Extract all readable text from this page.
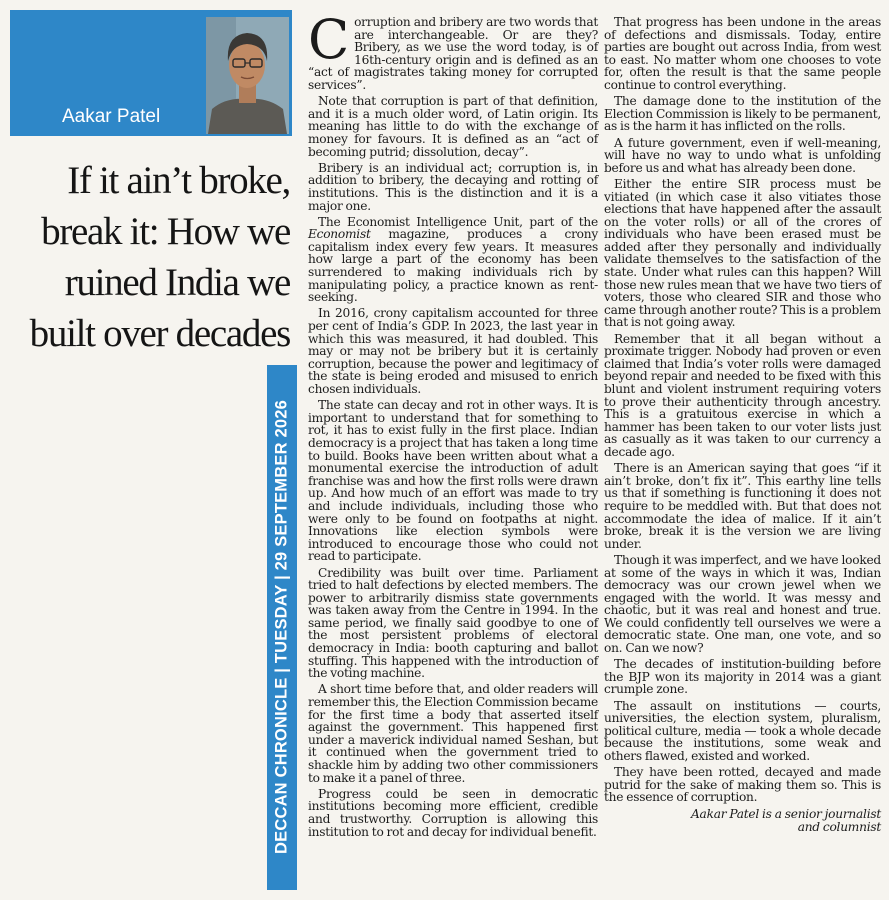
Aakar Patel
If it ain’t broke,
break it: How we
ruined India we
built over decades
DECCAN CHRONICLE | TUESDAY | 29 SEPTEMBER 2026

Corruption and bribery are two words that are interchangeable. Or are they? Bribery, as we use the word today, is of 16th-century origin and is defined as an “act of magistrates taking money for corrupted services”.

Note that corruption is part of that definition, and it is a much older word, of Latin origin. Its meaning has little to do with the exchange of money for favours. It is defined as an “act of becoming putrid; dissolution, decay”.

Bribery is an individual act; corruption is, in addition to bribery, the decaying and rotting of institutions. This is the distinction and it is a major one.

The Economist Intelligence Unit, part of the Economist magazine, produces a crony capitalism index every few years. It measures how large a part of the economy has been surrendered to making individuals rich by manipulating policy, a practice known as rent-seeking.

In 2016, crony capitalism accounted for three per cent of India’s GDP. In 2023, the last year in which this was measured, it had doubled. This may or may not be bribery but it is certainly corruption, because the power and legitimacy of the state is being eroded and misused to enrich chosen individuals.

The state can decay and rot in other ways. It is important to understand that for something to rot, it has to exist fully in the first place. Indian democracy is a project that has taken a long time to build. Books have been written about what a monumental exercise the introduction of adult franchise was and how the first rolls were drawn up. And how much of an effort was made to try and include individuals, including those who were only to be found on footpaths at night. Innovations like election symbols were introduced to encourage those who could not read to participate.

Credibility was built over time. Parliament tried to halt defections by elected members. The power to arbitrarily dismiss state governments was taken away from the Centre in 1994. In the same period, we finally said goodbye to one of the most persistent problems of electoral democracy in India: booth capturing and ballot stuffing. This happened with the introduction of the voting machine.

A short time before that, and older readers will remember this, the Election Commission became for the first time a body that asserted itself against the government. This happened first under a maverick individual named Seshan, but it continued when the government tried to shackle him by adding two other commissioners to make it a panel of three.

Progress could be seen in democratic institutions becoming more efficient, credible and trustworthy. Corruption is allowing this institution to rot and decay for individual benefit.

That progress has been undone in the areas of defections and dismissals. Today, entire parties are bought out across India, from west to east. No matter whom one chooses to vote for, often the result is that the same people continue to control everything.

The damage done to the institution of the Election Commission is likely to be permanent, as is the harm it has inflicted on the rolls.

A future government, even if well-meaning, will have no way to undo what is unfolding before us and what has already been done.

Either the entire SIR process must be vitiated (in which case it also vitiates those elections that have happened after the assault on the voter rolls) or all of the crores of individuals who have been erased must be added after they personally and individually validate themselves to the satisfaction of the state. Under what rules can this happen? Will those new rules mean that we have two tiers of voters, those who cleared SIR and those who came through another route? This is a problem that is not going away.

Remember that it all began without a proximate trigger. Nobody had proven or even claimed that India’s voter rolls were damaged beyond repair and needed to be fixed with this blunt and violent instrument requiring voters to prove their authenticity through ancestry. This is a gratuitous exercise in which a hammer has been taken to our voter lists just as casually as it was taken to our currency a decade ago.

There is an American saying that goes “if it ain’t broke, don’t fix it”. This earthy line tells us that if something is functioning it does not require to be meddled with. But that does not accommodate the idea of malice. If it ain’t broke, break it is the version we are living under.

Though it was imperfect, and we have looked at some of the ways in which it was, Indian democracy was our crown jewel when we engaged with the world. It was messy and chaotic, but it was real and honest and true. We could confidently tell ourselves we were a democratic state. One man, one vote, and so on. Can we now?

The decades of institution-building before the BJP won its majority in 2014 was a giant crumple zone.

The assault on institutions — courts, universities, the election system, pluralism, political culture, media — took a whole decade because the institutions, some weak and others flawed, existed and worked.

They have been rotted, decayed and made putrid for the sake of making them so. This is the essence of corruption.

Aakar Patel is a senior journalist
and columnist
